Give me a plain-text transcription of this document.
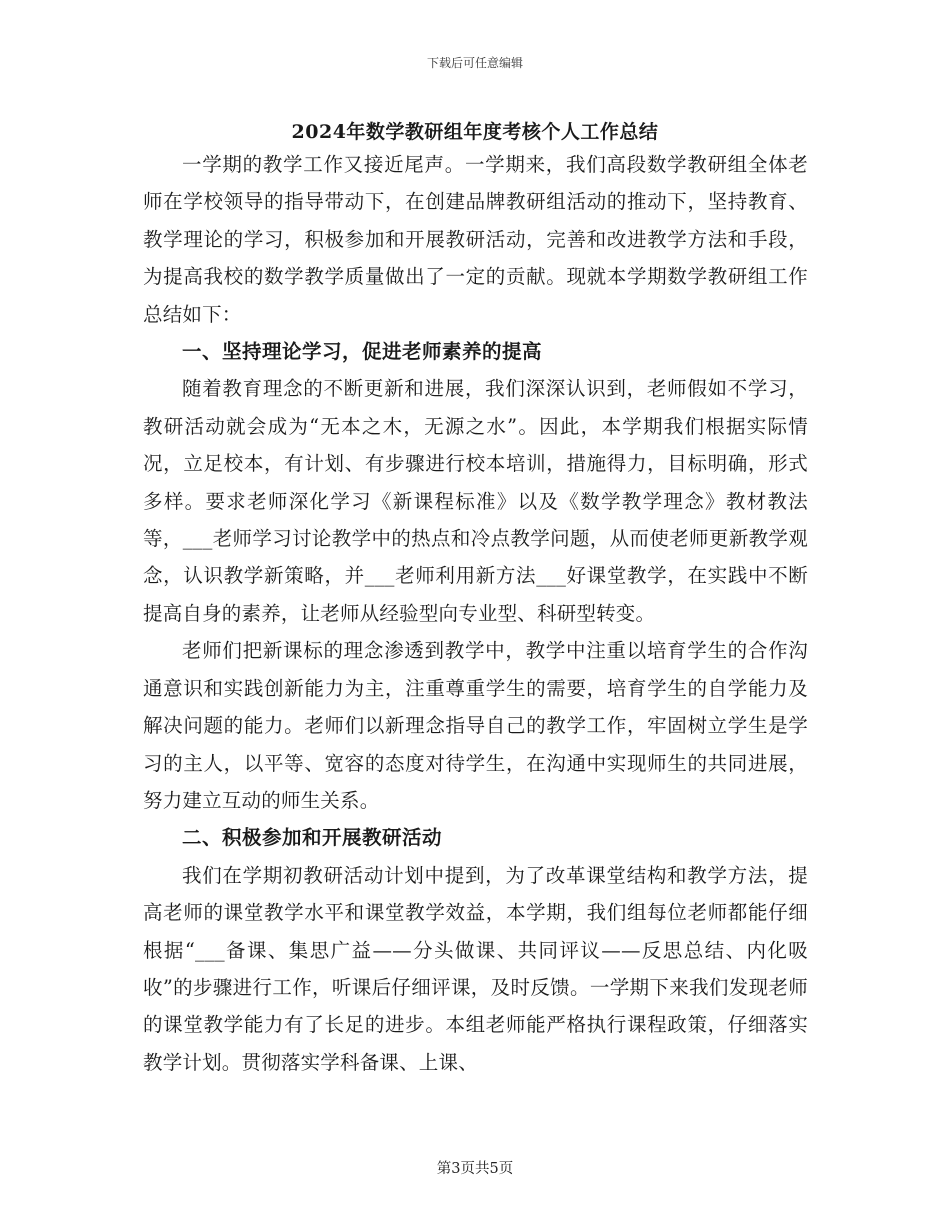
下载后可任意编辑
2024年数学教研组年度考核个人工作总结

一学期的教学工作又接近尾声。一学期来，我们高段数学教研组全体老师在学校领导的指导带动下，在创建品牌教研组活动的推动下，坚持教育、教学理论的学习，积极参加和开展教研活动，完善和改进教学方法和手段，为提高我校的数学教学质量做出了一定的贡献。现就本学期数学教研组工作总结如下：

一、坚持理论学习，促进老师素养的提高

随着教育理念的不断更新和进展，我们深深认识到，老师假如不学习，教研活动就会成为“无本之木，无源之水”。因此，本学期我们根据实际情况，立足校本，有计划、有步骤进行校本培训，措施得力，目标明确，形式多样。要求老师深化学习《新课程标准》以及《数学教学理念》教材教法等，___老师学习讨论教学中的热点和冷点教学问题，从而使老师更新教学观念，认识教学新策略，并___老师利用新方法___好课堂教学，在实践中不断提高自身的素养，让老师从经验型向专业型、科研型转变。

老师们把新课标的理念渗透到教学中，教学中注重以培育学生的合作沟通意识和实践创新能力为主，注重尊重学生的需要，培育学生的自学能力及解决问题的能力。老师们以新理念指导自己的教学工作，牢固树立学生是学习的主人，以平等、宽容的态度对待学生，在沟通中实现师生的共同进展，努力建立互动的师生关系。

二、积极参加和开展教研活动

我们在学期初教研活动计划中提到，为了改革课堂结构和教学方法，提高老师的课堂教学水平和课堂教学效益，本学期，我们组每位老师都能仔细根据“___备课、集思广益——分头做课、共同评议——反思总结、内化吸收”的步骤进行工作，听课后仔细评课，及时反馈。一学期下来我们发现老师的课堂教学能力有了长足的进步。本组老师能严格执行课程政策，仔细落实教学计划。贯彻落实学科备课、上课、

第3页共5页
